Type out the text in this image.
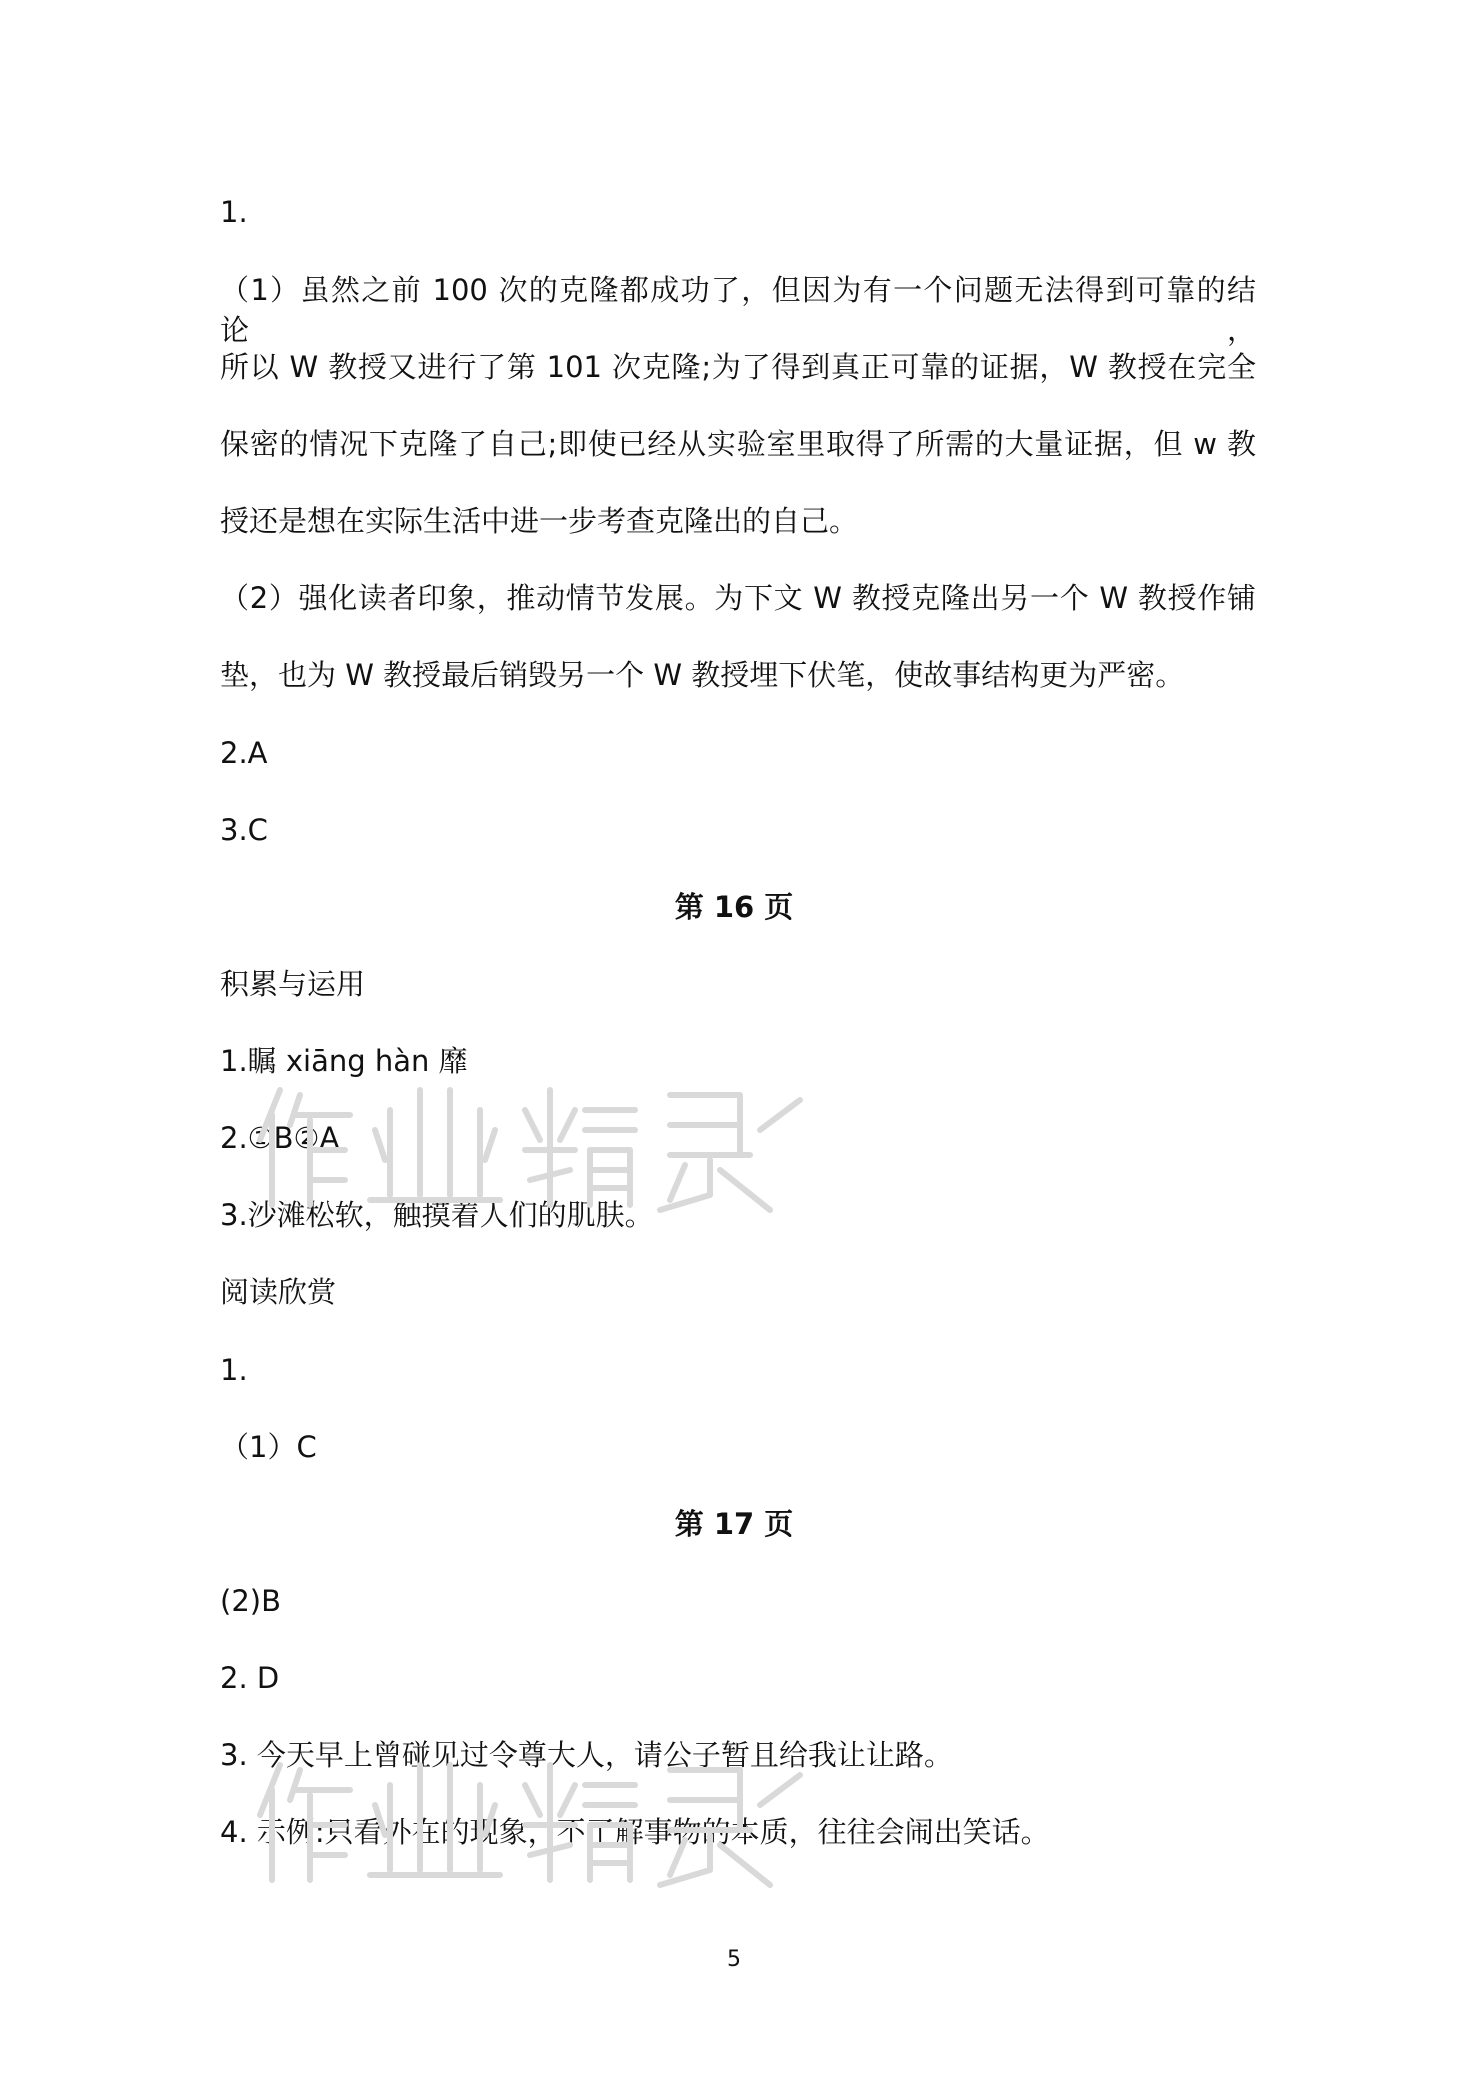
1.

（1）虽然之前 100 次的克隆都成功了，但因为有一个问题无法得到可靠的结论，

所以 W 教授又进行了第 101 次克隆;为了得到真正可靠的证据，W 教授在完全

保密的情况下克隆了自己;即使已经从实验室里取得了所需的大量证据，但 w 教

授还是想在实际生活中进一步考查克隆出的自己。

（2）强化读者印象，推动情节发展。为下文 W 教授克隆出另一个 W 教授作铺

垫，也为 W 教授最后销毁另一个 W 教授埋下伏笔，使故事结构更为严密。

2.A

3.C

第 16 页

积累与运用

1.瞩 xiāng hàn 靡

2.①B②A

3.沙滩松软，触摸着人们的肌肤。

阅读欣赏

1.

（1）C

第 17 页

(2)B

2. D

3. 今天早上曾碰见过令尊大人，请公子暂且给我让让路。

4. 示例:只看外在的现象，不了解事物的本质，往往会闹出笑话。

5
